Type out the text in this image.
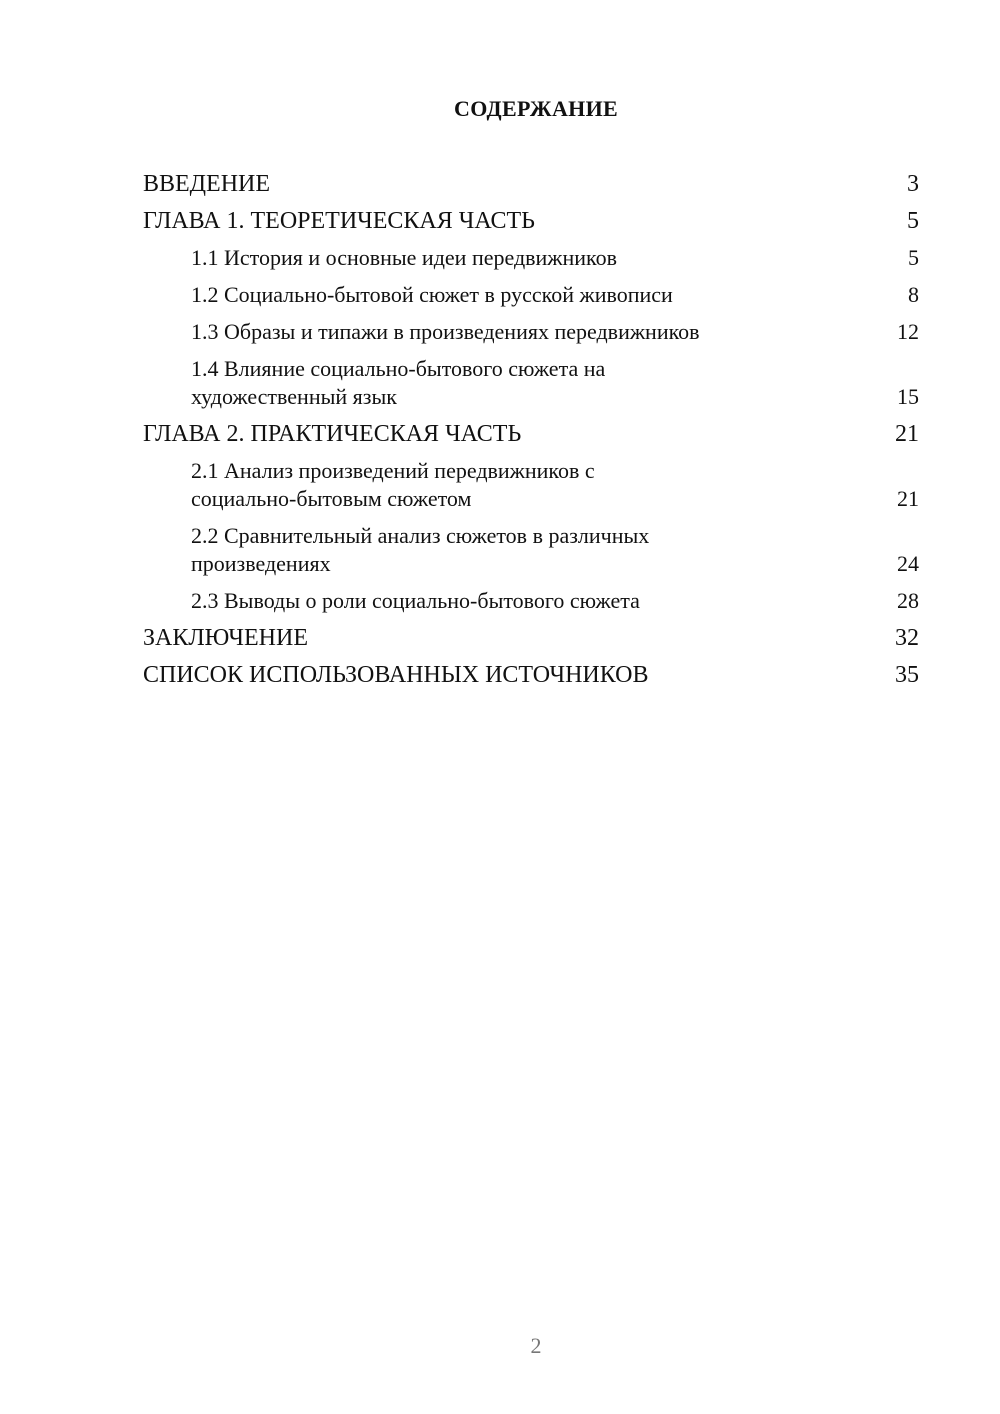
СОДЕРЖАНИЕ
ВВЕДЕНИЕ	3
ГЛАВА 1. ТЕОРЕТИЧЕСКАЯ ЧАСТЬ	5
1.1 История и основные идеи передвижников	5
1.2 Социально-бытовой сюжет в русской живописи	8
1.3 Образы и типажи в произведениях передвижников	12
1.4 Влияние социально-бытового сюжета на художественный язык	15
ГЛАВА 2. ПРАКТИЧЕСКАЯ ЧАСТЬ	21
2.1 Анализ произведений передвижников с социально-бытовым сюжетом	21
2.2 Сравнительный анализ сюжетов в различных произведениях	24
2.3 Выводы о роли социально-бытового сюжета	28
ЗАКЛЮЧЕНИЕ	32
СПИСОК ИСПОЛЬЗОВАННЫХ ИСТОЧНИКОВ	35
2
